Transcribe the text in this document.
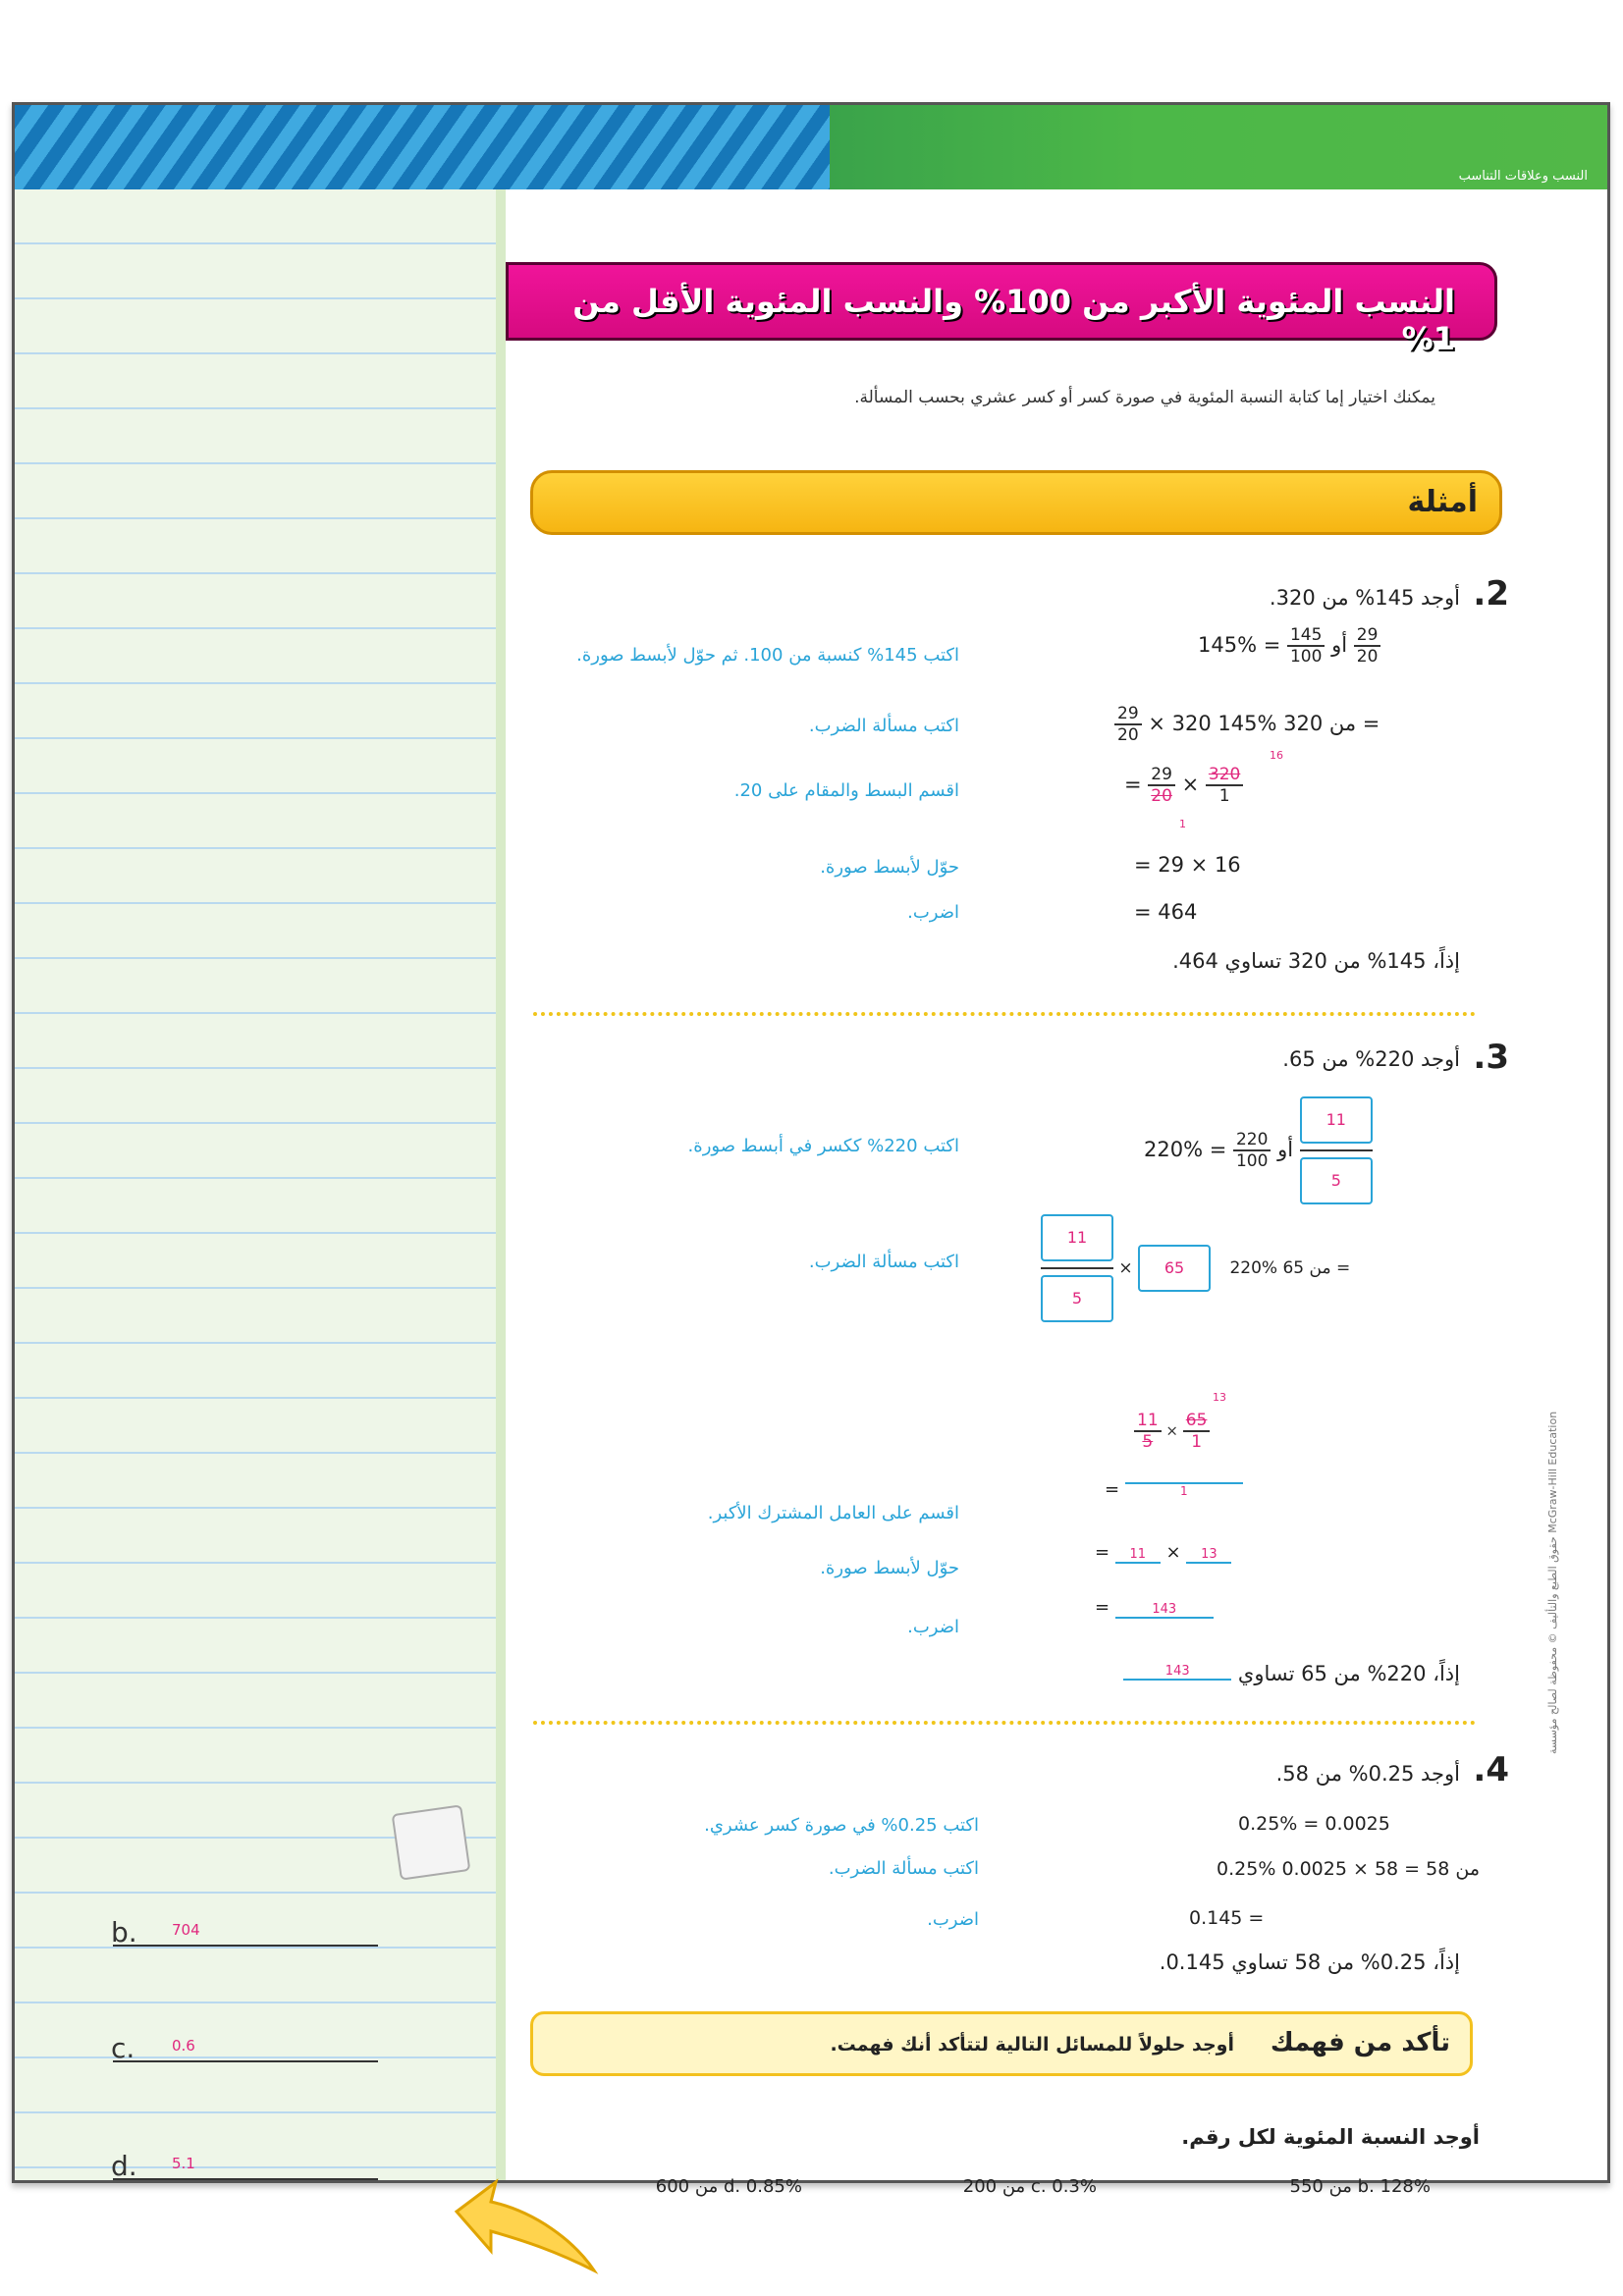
النسب وعلاقات التناسب
b. 704
c.	0.6
d. 5.1
النسب المئوية الأكبر من 100% والنسب المئوية الأقل من 1%
يمكنك اختيار إما كتابة النسبة المئوية في صورة كسر أو كسر عشري بحسب المسألة.
أمثلة
.2
أوجد 145% من 320.
$145\% = \frac{145}{100}$ أو $\frac{29}{20}$
اكتب 145% كنسبة من 100. ثم حوّل لأبسط صورة.
$\frac{29}{20} \times 320$ 145% من 320 =
اكتب مسألة الضرب.
= $\frac{29}{20} \times \frac{320}{1}$
16
1
اقسم البسط والمقام على 20.
= 29 × 16
حوّل لأبسط صورة.
= 464
اضرب.
إذاً، 145% من 320 تساوي 464.
.3
أوجد 220% من 65.
$220\% = \frac{220}{100}$ أو $\frac{11}{5}$
اكتب 220% ككسر في أبسط صورة.
$\frac{11}{5} \times 65$	220% من 65 =
اكتب مسألة الضرب.
$\frac{11}{5} \times \frac{65}{1}$
13
=	1
اقسم على العامل المشترك الأكبر.
= 11 × 13
حوّل لأبسط صورة.
=	143
اضرب.
إذاً، 220% من 65 تساوي 143
.4
أوجد 0.25% من 58.
0.25% = 0.0025
اكتب 0.25% في صورة كسر عشري.
0.25% من 58 = 58 × 0.0025
اكتب مسألة الضرب.
0.145 =
اضرب.
إذاً، 0.25% من 58 تساوي 0.145.
تأكد من فهمك
أوجد حلولاً للمسائل التالية لتتأكد أنك فهمت.
أوجد النسبة المئوية لكل رقم.
b. 128% من 550
c. 0.3% من 200
d. 0.85% من 600
حقوق الطبع والتأليف © محفوظة لصالح مؤسسة McGraw-Hill Education
